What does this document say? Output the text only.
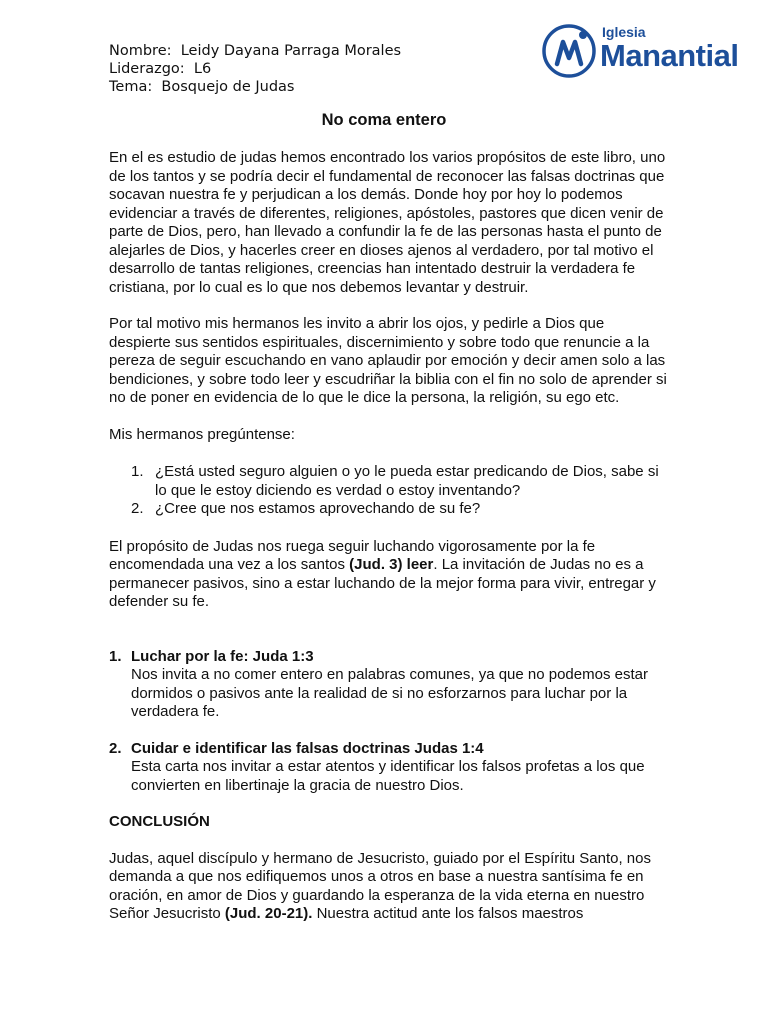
Nombre:  Leidy Dayana Parraga Morales
Liderazgo:  L6
Tema:  Bosquejo de Judas
Iglesia
Manantial
No coma entero

En el es estudio de judas hemos encontrado los varios propósitos de este libro, uno de los tantos y se podría decir el fundamental de reconocer las falsas doctrinas que socavan nuestra fe y perjudican a los demás. Donde hoy por hoy lo podemos evidenciar a través de diferentes, religiones, apóstoles, pastores que dicen venir de parte de Dios, pero, han llevado a confundir la fe de las personas hasta el punto de alejarles de Dios, y hacerles creer en dioses ajenos al verdadero, por tal motivo el desarrollo de tantas religiones, creencias han intentado destruir la verdadera fe cristiana, por lo cual es lo que nos debemos levantar y destruir.

Por tal motivo mis hermanos les invito a abrir los ojos, y pedirle a Dios que despierte sus sentidos espirituales, discernimiento y sobre todo que renuncie a la pereza de seguir escuchando en vano aplaudir por emoción y decir amen solo a las bendiciones, y sobre todo leer y escudriñar la biblia con el fin no solo de aprender si no de poner en evidencia de lo que le dice la persona, la religión, su ego etc.

Mis hermanos pregúntense:

1. ¿Está usted seguro alguien o yo le pueda estar predicando de Dios, sabe si lo que le estoy diciendo es verdad o estoy inventando?
2. ¿Cree que nos estamos aprovechando de su fe?

El propósito de Judas nos ruega seguir luchando vigorosamente por la fe encomendada una vez a los santos (Jud. 3) leer. La invitación de Judas no es a permanecer pasivos, sino a estar luchando de la mejor forma para vivir, entregar y defender su fe.

1. Luchar por la fe: Juda 1:3
Nos invita a no comer entero en palabras comunes, ya que no podemos estar dormidos o pasivos ante la realidad de si no esforzarnos para luchar por la verdadera fe.
2. Cuidar e identificar las falsas doctrinas Judas 1:4
Esta carta nos invitar a estar atentos y identificar los falsos profetas a los que convierten en libertinaje la gracia de nuestro Dios.

CONCLUSIÓN

Judas, aquel discípulo y hermano de Jesucristo, guiado por el Espíritu Santo, nos demanda a que nos edifiquemos unos a otros en base a nuestra santísima fe en oración, en amor de Dios y guardando la esperanza de la vida eterna en nuestro Señor Jesucristo (Jud. 20-21). Nuestra actitud ante los falsos maestros
